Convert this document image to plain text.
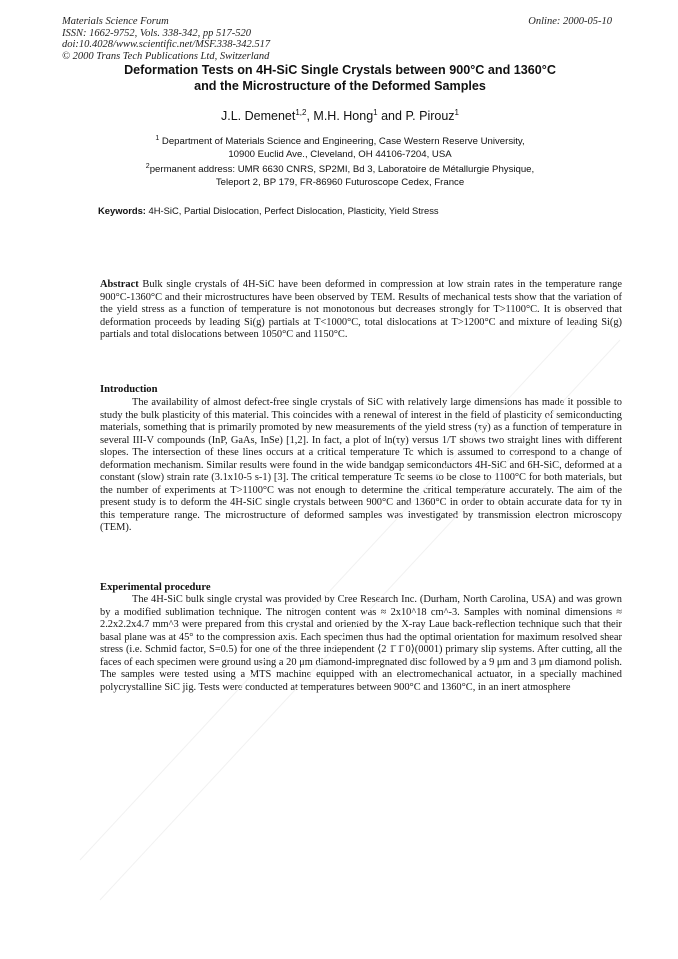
Materials Science Forum
ISSN: 1662-9752, Vols. 338-342, pp 517-520
doi:10.4028/www.scientific.net/MSF.338-342.517
© 2000 Trans Tech Publications Ltd, Switzerland
Online: 2000-05-10
Deformation Tests on 4H-SiC Single Crystals between 900°C and 1360°C
and the Microstructure of the Deformed Samples
J.L. Demenet$^{1,2}$, M.H. Hong$^1$ and P. Pirouz$^1$
$^1$ Department of Materials Science and Engineering, Case Western Reserve University,
10900 Euclid Ave., Cleveland, OH 44106-7204, USA
$^2$permanent address: UMR 6630 CNRS, SP2MI, Bd 3, Laboratoire de Métallurgie Physique,
Teleport 2, BP 179, FR-86960 Futuroscope Cedex, France
Keywords: 4H-SiC, Partial Dislocation, Perfect Dislocation, Plasticity, Yield Stress
Abstract Bulk single crystals of 4H-SiC have been deformed in compression at low strain rates in the temperature range 900°C-1360°C and their microstructures have been observed by TEM. Results of mechanical tests show that the variation of the yield stress as a function of temperature is not monotonous but decreases strongly for T>1100°C. It is observed that deformation proceeds by leading Si(g) partials at T<1000°C, total dislocations at T>1200°C and mixture of leading Si(g) partials and total dislocations between 1050°C and 1150°C.
Introduction
The availability of almost defect-free single crystals of SiC with relatively large dimensions has made it possible to study the bulk plasticity of this material. This coincides with a renewal of interest in the field of plasticity of semiconducting materials, something that is primarily promoted by new measurements of the yield stress (τy) as a function of temperature in several III-V compounds (InP, GaAs, InSe) [1,2]. In fact, a plot of ln(τy) versus 1/T shows two straight lines with different slopes. The intersection of these lines occurs at a critical temperature Tc which is assumed to correspond to a change of deformation mechanism. Similar results were found in the wide bandgap semiconductors 4H-SiC and 6H-SiC, deformed at a constant (slow) strain rate (3.1x10-5 s-1) [3]. The critical temperature Tc seems to be close to 1100°C for both materials, but the number of experiments at T>1100°C was not enough to determine the critical temperature accurately. The aim of the present study is to deform the 4H-SiC single crystals between 900°C and 1360°C in order to obtain accurate data for τy in this temperature range. The microstructure of deformed samples was investigated by transmission electron microscopy (TEM).
Experimental procedure
The 4H-SiC bulk single crystal was provided by Cree Research Inc. (Durham, North Carolina, USA) and was grown by a modified sublimation technique. The nitrogen content was ≈ 2x10^18 cm^-3. Samples with nominal dimensions ≈ 2.2x2.2x4.7 mm^3 were prepared from this crystal and oriented by the X-ray Laue back-reflection technique such that their basal plane was at 45° to the compression axis. Each specimen thus had the optimal orientation for maximum resolved shear stress (i.e. Schmid factor, S=0.5) for one of the three independent ⟨2 1̄ 1̄ 0⟩(0001) primary slip systems. After cutting, all the faces of each specimen were ground using a 20 μm diamond-impregnated disc followed by a 9 μm and 3 μm diamond polish. The samples were tested using a MTS machine equipped with an electromechanical actuator, in a specially machined polycrystalline SiC jig. Tests were conducted at temperatures between 900°C and 1360°C, in an inert atmosphere
